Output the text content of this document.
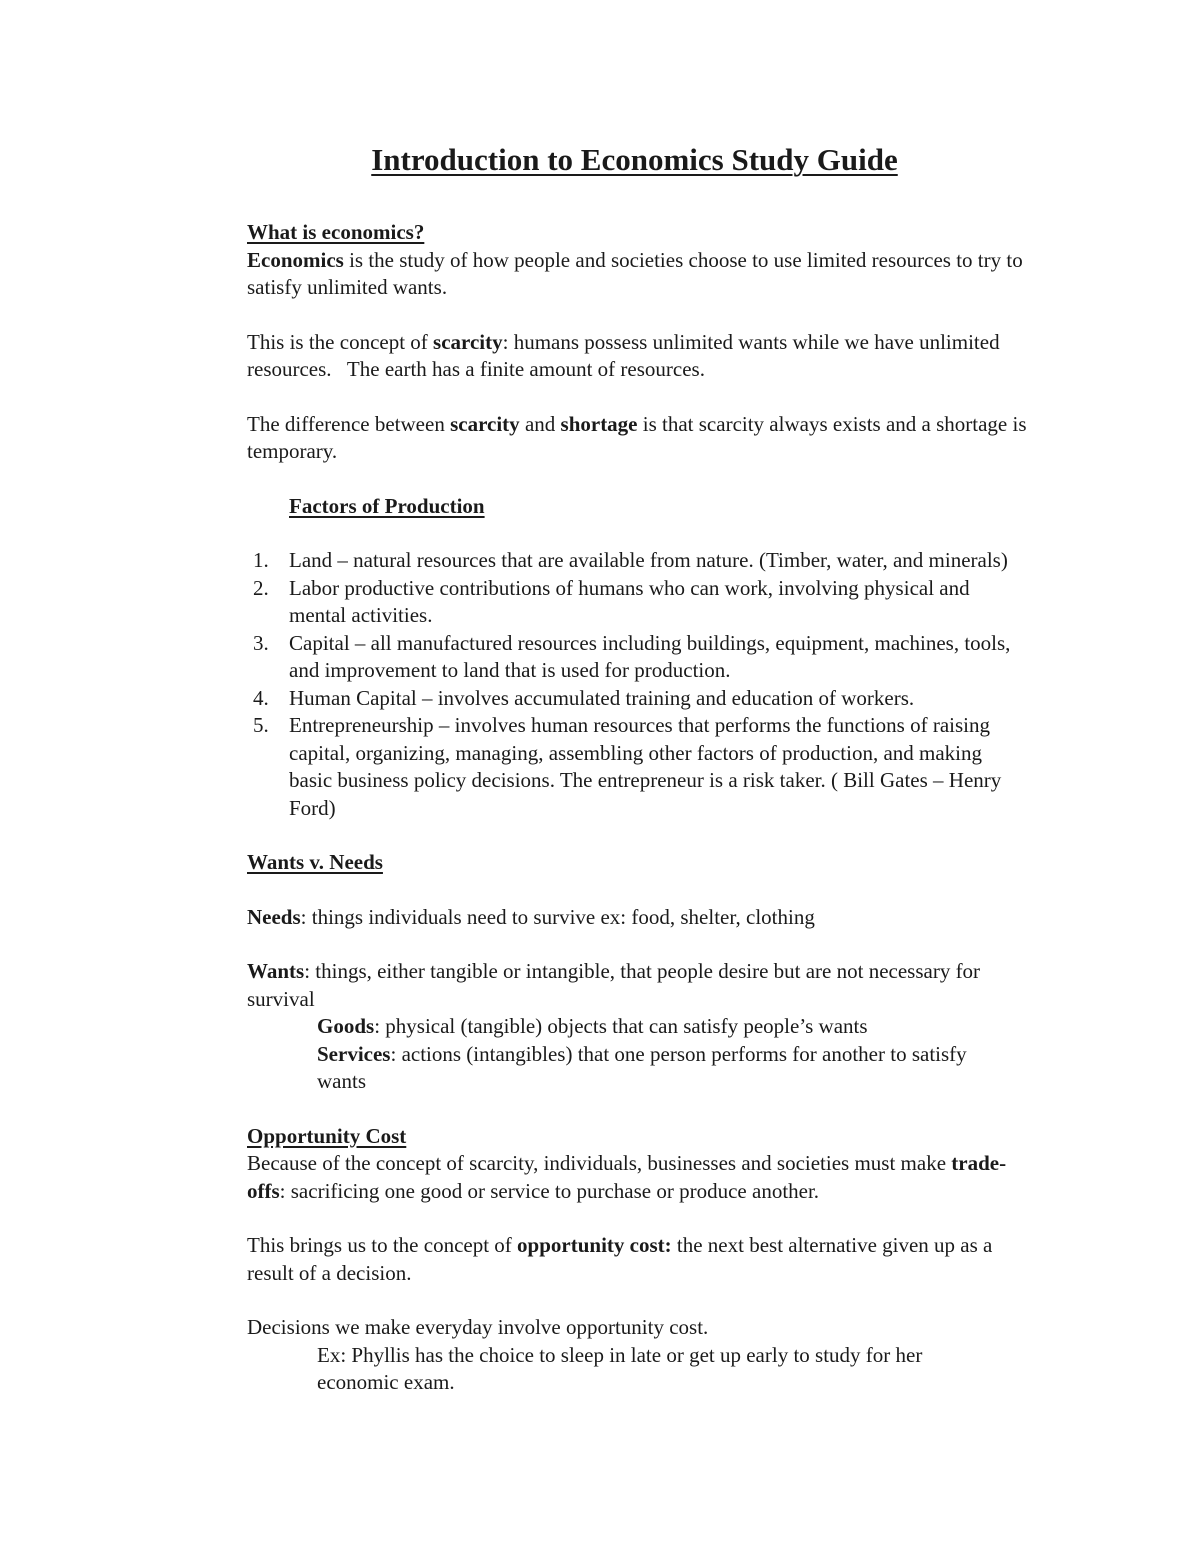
Introduction to Economics Study Guide
What is economics?

Economics is the study of how people and societies choose to use limited resources to try to satisfy unlimited wants.

This is the concept of scarcity: humans possess unlimited wants while we have unlimited resources.   The earth has a finite amount of resources.

The difference between scarcity and shortage is that scarcity always exists and a shortage is temporary.

Factors of Production
1. Land – natural resources that are available from nature. (Timber, water, and minerals)
2. Labor productive contributions of humans who can work, involving physical and mental activities.
3. Capital – all manufactured resources including buildings, equipment, machines, tools, and improvement to land that is used for production.
4. Human Capital – involves accumulated training and education of workers.
5. Entrepreneurship – involves human resources that performs the functions of raising capital, organizing, managing, assembling other factors of production, and making basic business policy decisions. The entrepreneur is a risk taker. ( Bill Gates – Henry Ford)
Wants v. Needs

Needs: things individuals need to survive ex: food, shelter, clothing

Wants: things, either tangible or intangible, that people desire but are not necessary for survival

Goods: physical (tangible) objects that can satisfy people’s wants

Services: actions (intangibles) that one person performs for another to satisfy wants

Opportunity Cost

Because of the concept of scarcity, individuals, businesses and societies must make trade-offs: sacrificing one good or service to purchase or produce another.

This brings us to the concept of opportunity cost: the next best alternative given up as a result of a decision.

Decisions we make everyday involve opportunity cost.

Ex: Phyllis has the choice to sleep in late or get up early to study for her economic exam.
